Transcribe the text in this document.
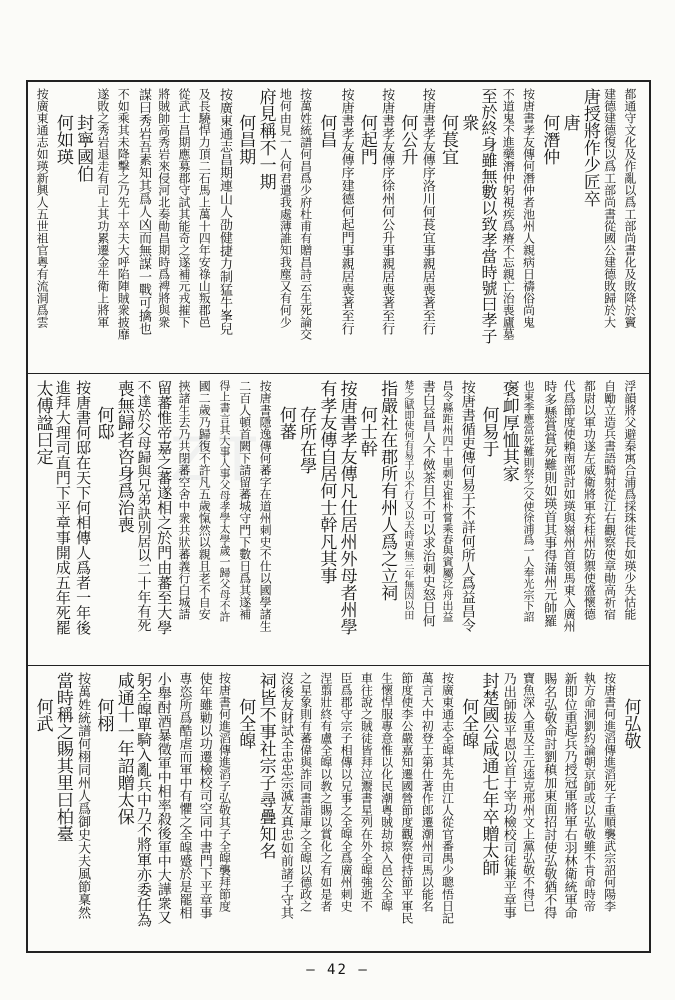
都通守文化及作亂以爲工部尚書化及敗降於竇
建德建德復以爲工部尚書從國公建德敗歸於大
唐授將作少匠卒
唐
何潛仲
按唐書孝友傳何潛仲者池州人親病日禱俗尚鬼
不道鬼不進藥潛仲躬視疾爲瘠不忘親亡治喪廬墓
至於終身雖無數以致孝當時號曰孝子
衆
何萇宜
按唐書孝友傳序洛川何萇宜事親居喪著至行
何公升
按唐書孝友傳序徐州何公升事親居喪著至行
何起門
按唐書孝友傳序建德何起門事親居喪著至行
何昌
按萬姓統譜何昌爲少府杜甫有贈昌詩云生死論交
地何由見一人何君遣我處薄誰知我塵又有何少
府見稱不一期
何昌期
按廣東通志昌期連山人劭健捷力制猛牛峯兒
及長驍悍力頂二石馬上萬十四年安祿山叛郡邑
從武士昌期應募郡守試其能奇之遂補元戎摧下
將賊帥高秀岩來侵河北奏勛昌期時爲裨將與衆
謀曰秀岩吾素知其爲人凶而無謀一戰可擒也
不如乘其未降擊之乃先十卒夫大呼陷陣賊衆披靡
遂敗之秀岩退走有司上其功累遷金牛衛上將軍
封寧國伯
何如瑛
按廣東通志如瑛新興人五世祖官粵有流洞爲雲
浮韻將父避秦寓合浦爲採珠徙長如瑛少失怙能
自勵立造兵書語騎射從江右觀察使章勛高祈宿
都尉以軍功遂左威衛將軍充桂州防禦使盛懷德
代爲節度使賴南部討如瑛與嶺州首領馬東入廣州
時多懸賞賞死難則如瑛首其事得蒲州元帥羅
也東季應當死難則祭之父使徐浦爲一人奉光宗下詔
褒卹厚恤其家
何易于
按唐書循吏傳何易于不詳何所人爲益昌令
昌令縣距州四十里刺史崔朴嘗乘春與賓屬泛舟出益
書白益昌人不傚茶目不可以求治刺史怒日何
楚之賦即使何有易于以不行又以天時更無三年無因以田
指嚴社在郡所有州人爲之立祠
何士幹
按唐書孝友傳凡仕居州外母者州學
有孝友傳自居何士幹凡其事
存所在學
何蕃
按唐書隱逸傳何蕃字在道州刺史不仕以國學諸生
二百人頓首闕下請留蕃城守門下數日爲其遂補
得上書言其大事人事父母孝學太學歲一歸父母不許
國二歲乃歸復不許凡五歲愾然以親且老不自安
挾諸生去乃共閉蕃空舍中衆共狀蕃義行白城請
留蕃惟帝嘉之蕃遂相之於門由蕃至大學
不達於父母歸與兄弟訣別居以二十年有死
喪無歸者咨身爲治喪
何邸
按唐書何邸在天下何相傳人爲者一年後
進拜大理司直門下平章事開成五年死罷
太傅諡曰定
何弘敬
按唐書何進滔傳進滔死子重順襲武宗詔何陽李
執方命洞劉約論朝京師或以弘敬雖不肯命時帝
新即位重起兵乃授冠軍將軍右羽林衛統軍命
賜名弘敬命討劉稹加東面招討使弘敬猶不得
寶魚深入重及王元逵克邢州文上黨弘敬不得已
乃出師拔平恩以首于宰功檢校司徒兼平章事
封楚國公咸通七年卒贈太師
何全皡
按廣東通志全皡其先由江人從官番禺少聰悟日記
萬言大中初登士第仕著作郎遷潮州司馬以能名
節度使李公嚴嘉知遷國營節度觀察使持節平軍民
生懷悍服專意惟以化民潮粵賊劫掠入邑公全皡
車往說之賊徒皆拜泣鬻書星列在外全皡強逝不
臣爲郡守宗子相傳以兄事之全皡全爲廣州刺史
涅翦壯終有盧全皡以教之賜以賞化之有如是者
之星象則有蕃偉與詐同書詣庫之全皡以德政之
沒後友財試全忠忠宗滅友真忠如前諸子守其
祠皆不事社宗子尋疊知名
何全皡
按唐書何進滔傳進滔子弘敬其子全皡襲拜節度
使年雖勦以功遷檢校司空同中書門下平章事
專恣所爲酷虐而軍中有懼之全皡蹙於是罷相
小舉酎酒暴徵軍中相率殺後軍中大譁衆又
躬全皡單騎入亂兵中乃不將軍亦委任為
咸通十一年詔贈太保
何栩
按萬姓統譜何栩同州人爲御史大夫風節稟然
當時稱之賜其里曰柏臺
何武
ZT
— 42 —
